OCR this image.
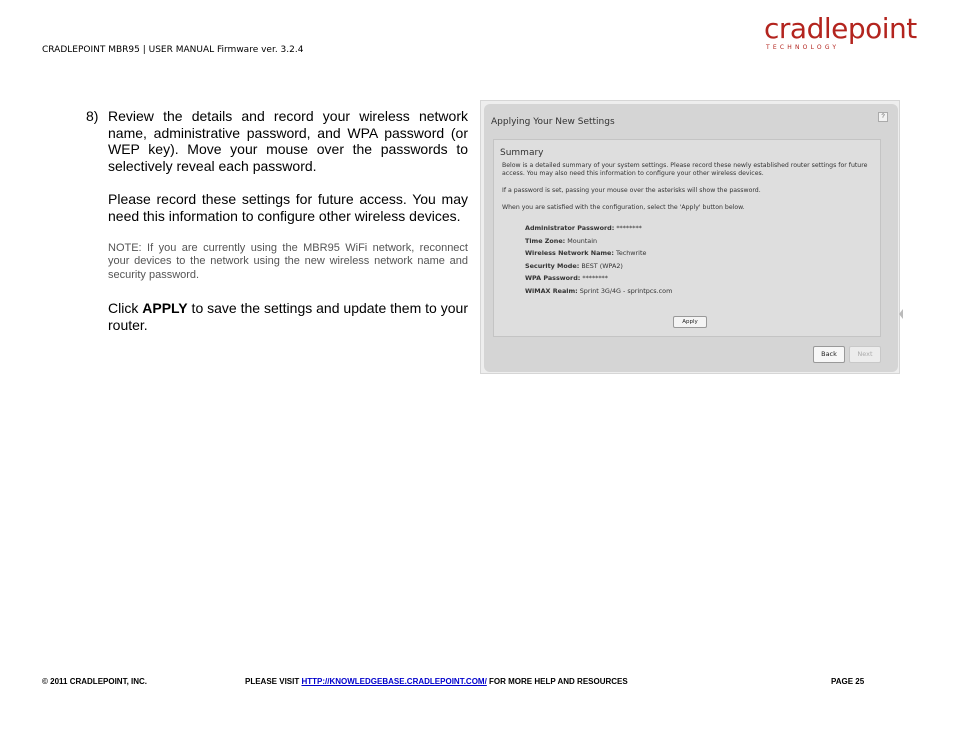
CRADLEPOINT MBR95 | USER MANUAL Firmware ver. 3.2.4
cradlepoint
TECHNOLOGY
8) Review the details and record your wireless network name, administrative password, and WPA password (or WEP key). Move your mouse over the passwords to selectively reveal each password.

Please record these settings for future access. You may need this information to configure other wireless devices.

NOTE: If you are currently using the MBR95 WiFi network, reconnect your devices to the network using the new wireless network name and security password.

Click APPLY to save the settings and update them to your router.

Applying Your New Settings	?
Summary
Below is a detailed summary of your system settings. Please record these newly established router settings for future access. You may also need this information to configure your other wireless devices.
If a password is set, passing your mouse over the asterisks will show the password.
When you are satisfied with the configuration, select the 'Apply' button below.
Administrator Password: ********
Time Zone: Mountain
Wireless Network Name: Techwrite
Security Mode: BEST (WPA2)
WPA Password: ********
WiMAX Realm: Sprint 3G/4G - sprintpcs.com
Apply
Back	Next
© 2011 CRADLEPOINT, INC.	PLEASE VISIT HTTP://KNOWLEDGEBASE.CRADLEPOINT.COM/ FOR MORE HELP AND RESOURCES	PAGE 25
